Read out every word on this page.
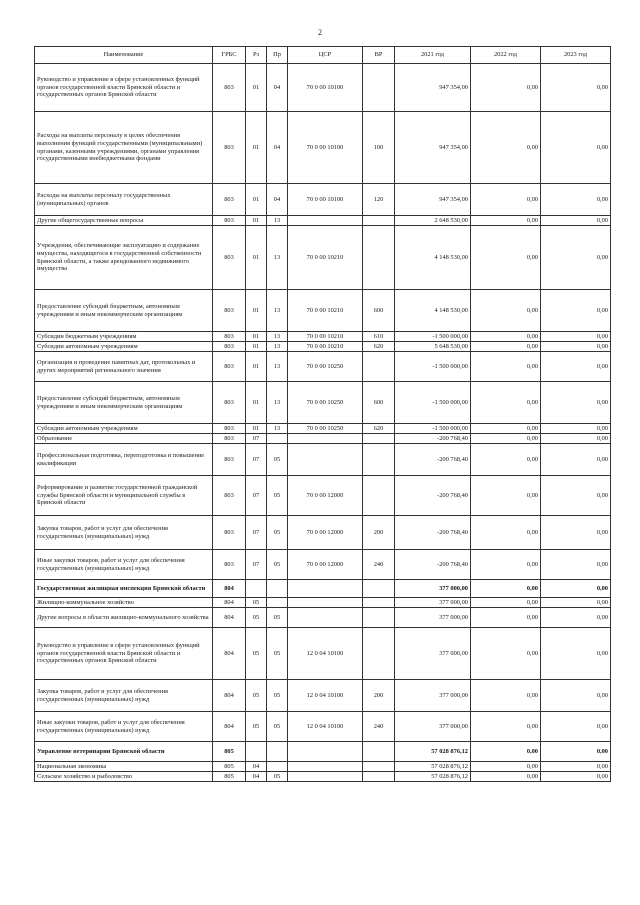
2
Наименование	ГРБС	Рз	Пр	ЦСР	ВР	2021 год	2022 год	2023 год
Руководство и управление в сфере установленных функций органов государственной власти Брянской области и государственных органов Брянской области	803	01	04	70 0 00 10100		947 354,00	0,00	0,00
Расходы на выплаты персоналу в целях обеспечения выполнения функций государственными (муниципальными) органами, казенными учреждениями, органами управления государственными внебюджетными фондами	803	01	04	70 0 00 10100	100	947 354,00	0,00	0,00
Расходы на выплаты персоналу государственных (муниципальных) органов	803	01	04	70 0 00 10100	120	947 354,00	0,00	0,00
Другие общегосударственные вопросы	803	01	13			2 648 530,00	0,00	0,00
Учреждения, обеспечивающие эксплуатацию и содержание имущества, находящегося в государственной собственности Брянской области, а также арендованного недвижимого имущества	803	01	13	70 0 00 10210		4 148 530,00	0,00	0,00
Предоставление субсидий бюджетным, автономным учреждениям и иным некоммерческим организациям	803	01	13	70 0 00 10210	600	4 148 530,00	0,00	0,00
Субсидии бюджетным учреждениям	803	01	13	70 0 00 10210	610	-1 500 000,00	0,00	0,00
Субсидии автономным учреждениям	803	01	13	70 0 00 10210	620	5 648 530,00	0,00	0,00
Организация и проведение памятных дат, протокольных и других мероприятий регионального значения	803	01	13	70 0 00 10250		-1 500 000,00	0,00	0,00
Предоставление субсидий бюджетным, автономным учреждениям и иным некоммерческим организациям	803	01	13	70 0 00 10250	600	-1 500 000,00	0,00	0,00
Субсидии автономным учреждениям	803	01	13	70 0 00 10250	620	-1 500 000,00	0,00	0,00
Образование	803	07				-200 768,40	0,00	0,00
Профессиональная подготовка, переподготовка и повышение квалификации	803	07	05			-200 768,40	0,00	0,00
Реформирование и развитие государственной гражданской службы Брянской области и муниципальной службы в Брянской области	803	07	05	70 0 00 12000		-200 768,40	0,00	0,00
Закупка товаров, работ и услуг для обеспечения государственных (муниципальных) нужд	803	07	05	70 0 00 12000	200	-200 768,40	0,00	0,00
Иные закупки товаров, работ и услуг для обеспечения государственных (муниципальных) нужд	803	07	05	70 0 00 12000	240	-200 768,40	0,00	0,00
Государственная жилищная инспекция Брянской области	804					377 000,00	0,00	0,00
Жилищно-коммунальное хозяйство	804	05				377 000,00	0,00	0,00
Другие вопросы в области жилищно-коммунального хозяйства	804	05	05			377 000,00	0,00	0,00
Руководство и управление в сфере установленных функций органов государственной власти Брянской области и государственных органов Брянской области	804	05	05	12 0 04 10100		377 000,00	0,00	0,00
Закупка товаров, работ и услуг для обеспечения государственных (муниципальных) нужд	804	05	05	12 0 04 10100	200	377 000,00	0,00	0,00
Иные закупки товаров, работ и услуг для обеспечения государственных (муниципальных) нужд	804	05	05	12 0 04 10100	240	377 000,00	0,00	0,00
Управление ветеринарии Брянской области	805					57 028 876,12	0,00	0,00
Национальная экономика	805	04				57 028 876,12	0,00	0,00
Сельское хозяйство и рыболовство	805	04	05			57 028 876,12	0,00	0,00
